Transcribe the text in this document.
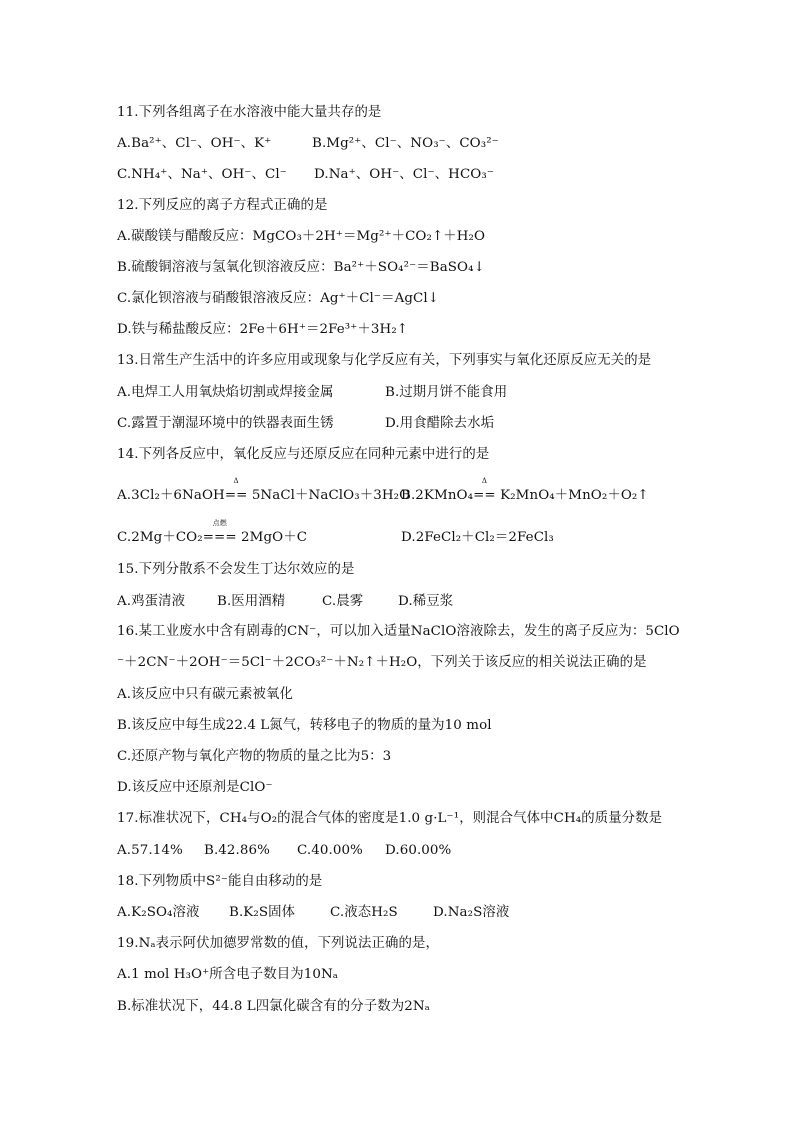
11.下列各组离子在水溶液中能大量共存的是
A.Ba²⁺、Cl⁻、OH⁻、K⁺	B.Mg²⁺、Cl⁻、NO₃⁻、CO₃²⁻
C.NH₄⁺、Na⁺、OH⁻、Cl⁻ D.Na⁺、OH⁻、Cl⁻、HCO₃⁻
12.下列反应的离子方程式正确的是
A.碳酸镁与醋酸反应：MgCO₃＋2H⁺＝Mg²⁺＋CO₂↑＋H₂O
B.硫酸铜溶液与氢氧化钡溶液反应：Ba²⁺＋SO₄²⁻＝BaSO₄↓
C.氯化钡溶液与硝酸银溶液反应：Ag⁺＋Cl⁻＝AgCl↓
D.铁与稀盐酸反应：2Fe＋6H⁺＝2Fe³⁺＋3H₂↑
13.日常生产生活中的许多应用或现象与化学反应有关，下列事实与氧化还原反应无关的是
A.电焊工人用氧炔焰切割或焊接金属	B.过期月饼不能食用
C.露置于潮湿环境中的铁器表面生锈	D.用食醋除去水垢
14.下列各反应中，氧化反应与还原反应在同种元素中进行的是
A.3Cl₂＋6NaOH
Δ
== 5NaCl＋NaClO₃＋3H₂O
B.2KMnO₄
Δ
== K₂MnO₄＋MnO₂＋O₂↑
C.2Mg＋CO₂
点燃
=== 2MgO＋C	D.2FeCl₂＋Cl₂＝2FeCl₃
15.下列分散系不会发生丁达尔效应的是
A.鸡蛋清液 B.医用酒精	C.晨雾	D.稀豆浆
16.某工业废水中含有剧毒的CN⁻，可以加入适量NaClO溶液除去，发生的离子反应为：5ClO
⁻＋2CN⁻＋2OH⁻＝5Cl⁻＋2CO₃²⁻＋N₂↑＋H₂O，下列关于该反应的相关说法正确的是
A.该反应中只有碳元素被氧化
B.该反应中每生成22.4 L氮气，转移电子的物质的量为10 mol
C.还原产物与氧化产物的物质的量之比为5：3
D.该反应中还原剂是ClO⁻
17.标准状况下，CH₄与O₂的混合气体的密度是1.0 g·L⁻¹，则混合气体中CH₄的质量分数是
A.57.14% B.42.86% C.40.00% D.60.00%
18.下列物质中S²⁻能自由移动的是
A.K₂SO₄溶液 B.K₂S固体	C.液态H₂S	D.Na₂S溶液
19.Nₐ表示阿伏加德罗常数的值，下列说法正确的是，
A.1 mol H₃O⁺所含电子数目为10Nₐ
B.标准状况下，44.8 L四氯化碳含有的分子数为2Nₐ
